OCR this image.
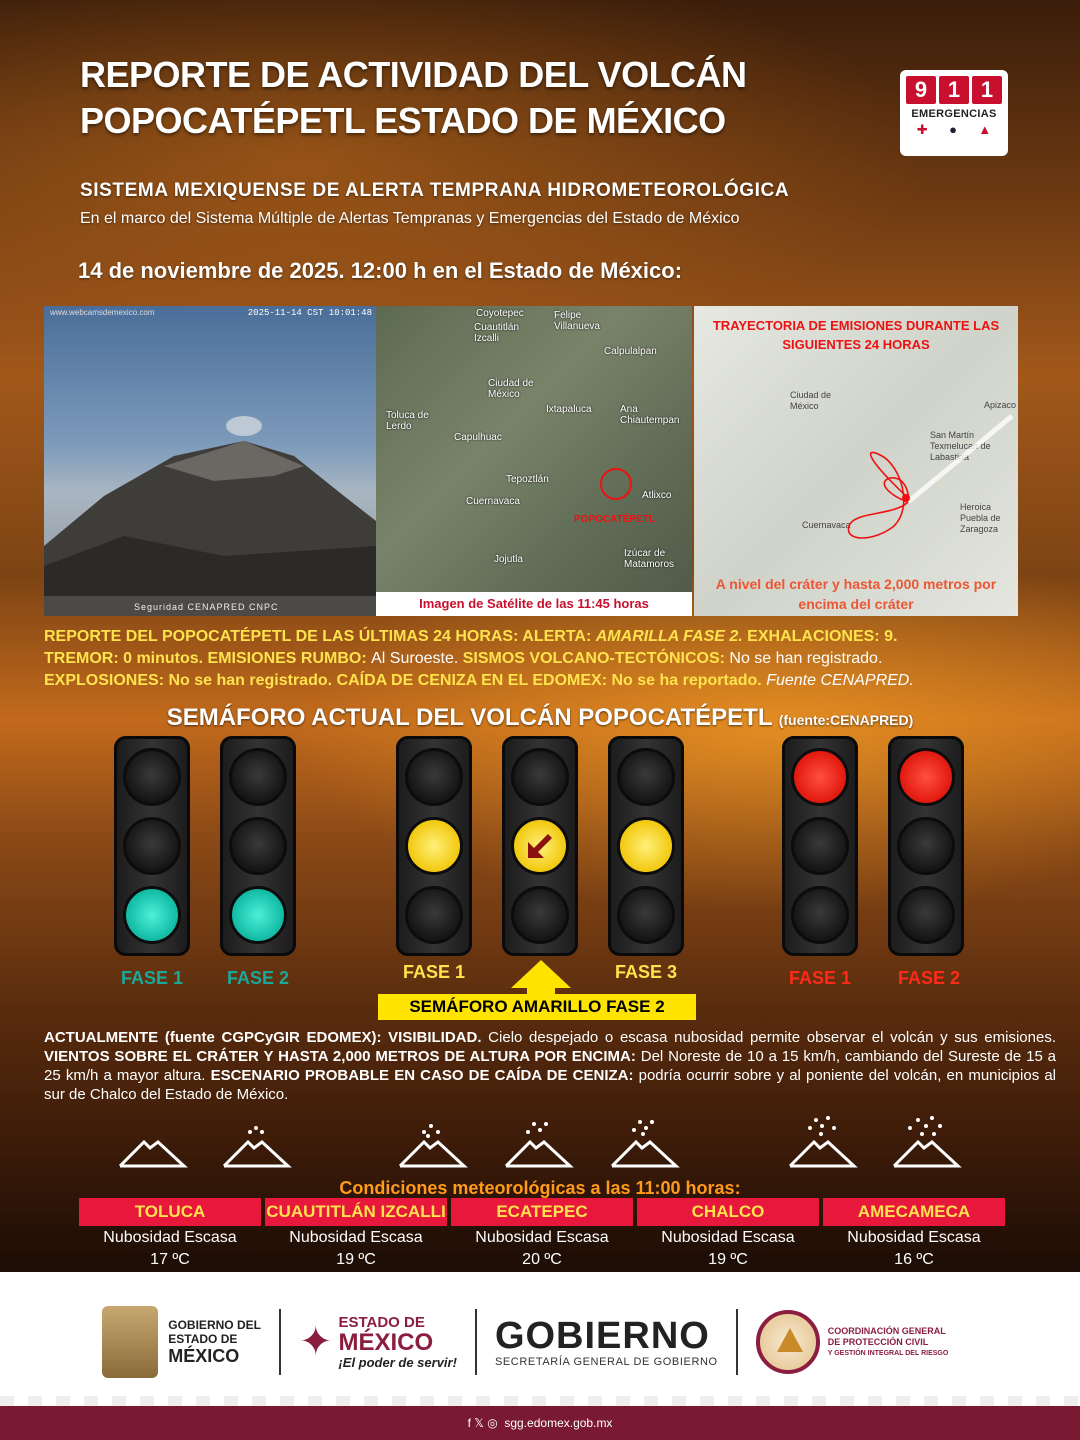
REPORTE DE ACTIVIDAD DEL VOLCÁN
POPOCATÉPETL ESTADO DE MÉXICO
9 1 1
EMERGENCIAS
✚ ● ▲
SISTEMA MEXIQUENSE DE ALERTA TEMPRANA HIDROMETEOROLÓGICA
En el marco del Sistema Múltiple de Alertas Tempranas y Emergencias del Estado de México
14 de noviembre de 2025. 12:00 h en el Estado de México:
www.webcamsdemexico.com	2025-11-14 CST 10:01:48
Seguridad CENAPRED CNPC
Coyotepec	Felipe Villanueva
Cuautitlán Izcalli
Calpulalpan
Ciudad de México
Ixtapaluca	Ana Chiautempan
Toluca de Lerdo
Capulhuac
Tepoztlán
Atlixco
Cuernavaca
Jojutla
Izúcar de Matamoros
POPOCATÉPETL
Imagen de Satélite de las 11:45 horas
TRAYECTORIA DE EMISIONES DURANTE LAS SIGUIENTES 24 HORAS
Ciudad de México	Apizaco
San Martín Texmelucan de Labastida
Heroica Puebla de Zaragoza
Cuernavaca
A nivel del cráter y hasta 2,000 metros por encima del cráter
REPORTE DEL POPOCATÉPETL DE LAS ÚLTIMAS 24 HORAS: ALERTA: AMARILLA FASE 2. EXHALACIONES: 9.
TREMOR: 0 minutos. EMISIONES RUMBO: Al Suroeste. SISMOS VOLCANO-TECTÓNICOS: No se han registrado.
EXPLOSIONES: No se han registrado. CAÍDA DE CENIZA EN EL EDOMEX: No se ha reportado. Fuente CENAPRED.
SEMÁFORO ACTUAL DEL VOLCÁN POPOCATÉPETL (fuente:CENAPRED)
FASE 1	FASE 2	FASE 1	FASE 3	FASE 1	FASE 2
SEMÁFORO AMARILLO FASE 2
ACTUALMENTE (fuente CGPCyGIR EDOMEX): VISIBILIDAD. Cielo despejado o escasa nubosidad permite observar el volcán y sus emisiones. VIENTOS SOBRE EL CRÁTER Y HASTA 2,000 METROS DE ALTURA POR ENCIMA: Del Noreste de 10 a 15 km/h, cambiando del Sureste de 15 a 25 km/h a mayor altura. ESCENARIO PROBABLE EN CASO DE CAÍDA DE CENIZA: podría ocurrir sobre y al poniente del volcán, en municipios al sur de Chalco del Estado de México.
Condiciones meteorológicas a las 11:00 horas:
TOLUCA
Nubosidad Escasa
17 ºC
CUAUTITLÁN IZCALLI
Nubosidad Escasa
19 ºC
ECATEPEC
Nubosidad Escasa
20 ºC
CHALCO
Nubosidad Escasa
19 ºC
AMECAMECA
Nubosidad Escasa
16 ºC
GOBIERNO DEL
ESTADO DE
MÉXICO	✦ ESTADO DE
MÉXICO
¡El poder de servir!
GOBIERNO
SECRETARÍA GENERAL DE GOBIERNO
COORDINACIÓN GENERAL
DE PROTECCIÓN CIVIL
Y GESTIÓN INTEGRAL DEL RIESGO
f 𝕏 ◎ sgg.edomex.gob.mx
